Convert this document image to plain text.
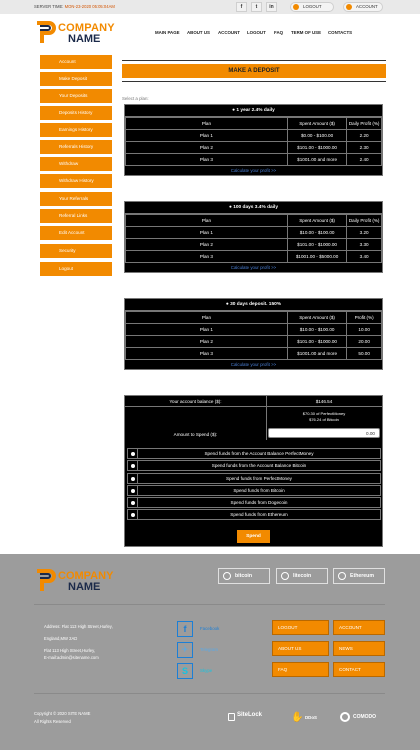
SERVER TIME: MON-23-2020 05:05:04AM	f	t	in	LOGOUT	ACCOUNT
COMPANY
NAME
MAIN PAGE ABOUT US ACCOUNT LOGOUT FAQ TERM OF USE CONTACTS
Account
Make Deposit
Your Deposits
Deposits History
Earnings History
Referrals History
Withdraw
Withdraw History
Your Referrals
Referral Links
Edit Account
Security
Logout
MAKE A DEPOSIT
Select a plan:
● 1 year 2.4% daily
Plan	Spent Amount ($)	Daily Profit (%)
Plan 1	$0.00 - $100.00	2.20
Plan 2	$101.00 - $1000.00	2.30
Plan 3	$1001.00 and more	2.40
Calculate your profit >>
● 100 days 3.4% daily
Plan	Spent Amount ($)	Daily Profit (%)
Plan 1	$10.00 - $100.00	3.20
Plan 2	$101.00 - $1000.00	3.30
Plan 3	$1001.00 - $5000.00	3.40
Calculate your profit >>
● 30 days deposit. 150%
Plan	Spent Amount ($)	Profit (%)
Plan 1	$10.00 - $100.00	10.00
Plan 2	$101.00 - $1000.00	20.00
Plan 3	$1001.00 and more	50.00
Calculate your profit >>
Your account balance ($):	$146.54
$70.30 of PerfectMoney
$76.24 of Bitcoin
Amount to Spend ($):
0.00
Spend funds from the Account Balance PerfectMoney
Spend funds from the Account Balance Bitcoin
Spend funds from PerfectMoney
Spend funds from Bitcoin
Spend funds from Dogecoin
Spend funds from Ethereum
Spend
COMPANY
NAME
bitcoin	litecoin	Ethereum
Address: Flat 113 High Street,Hurley,
England,MW 2AD
Flat 113 High Street,Hurley,
E-mail:admin@sitename.com
f	Facebook
✈	Telegram
S	Skype
LOGOUT	ACCOUNT
ABOUT US	NEWS
FAQ	CONTACT
Copyright © 2020 SITE NAME
All Rights Reserved
SiteLock	✋ DDoS	COMODO
